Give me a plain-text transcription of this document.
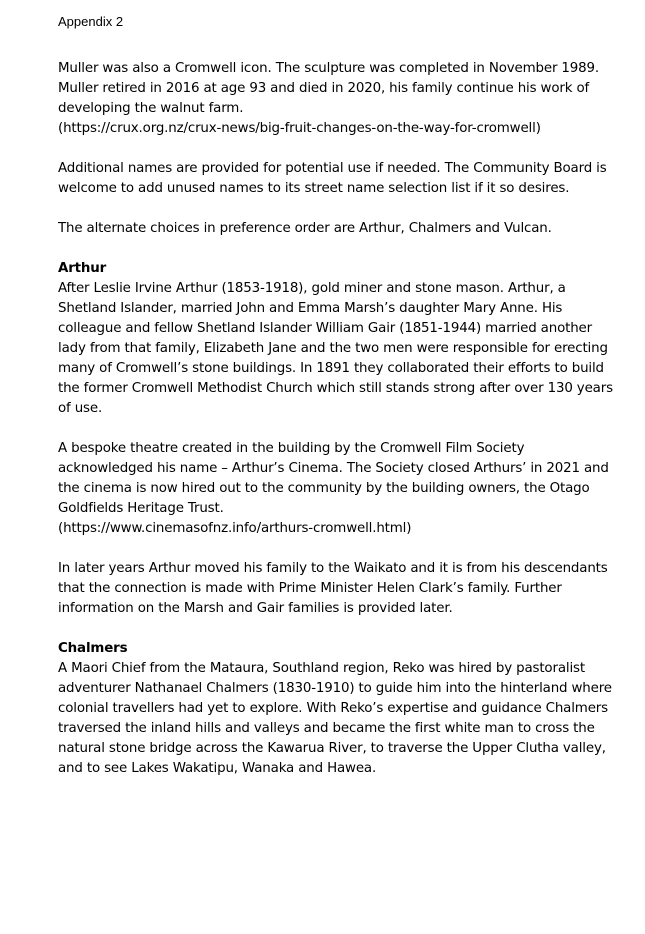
Appendix 2

Muller was also a Cromwell icon. The sculpture was completed in November 1989. Muller retired in 2016 at age 93 and died in 2020, his family continue his work of developing the walnut farm.

(https://crux.org.nz/crux-news/big-fruit-changes-on-the-way-for-cromwell)

Additional names are provided for potential use if needed. The Community Board is welcome to add unused names to its street name selection list if it so desires.

The alternate choices in preference order are Arthur, Chalmers and Vulcan.

Arthur

After Leslie Irvine Arthur (1853-1918), gold miner and stone mason. Arthur, a Shetland Islander, married John and Emma Marsh’s daughter Mary Anne. His colleague and fellow Shetland Islander William Gair (1851-1944) married another lady from that family, Elizabeth Jane and the two men were responsible for erecting many of Cromwell’s stone buildings. In 1891 they collaborated their efforts to build the former Cromwell Methodist Church which still stands strong after over 130 years of use.

A bespoke theatre created in the building by the Cromwell Film Society acknowledged his name – Arthur’s Cinema. The Society closed Arthurs’ in 2021 and the cinema is now hired out to the community by the building owners, the Otago Goldfields Heritage Trust.

(https://www.cinemasofnz.info/arthurs-cromwell.html)

In later years Arthur moved his family to the Waikato and it is from his descendants that the connection is made with Prime Minister Helen Clark’s family. Further information on the Marsh and Gair families is provided later.

Chalmers

A Maori Chief from the Mataura, Southland region, Reko was hired by pastoralist adventurer Nathanael Chalmers (1830-1910) to guide him into the hinterland where colonial travellers had yet to explore. With Reko’s expertise and guidance Chalmers traversed the inland hills and valleys and became the first white man to cross the natural stone bridge across the Kawarua River, to traverse the Upper Clutha valley, and to see Lakes Wakatipu, Wanaka and Hawea.
